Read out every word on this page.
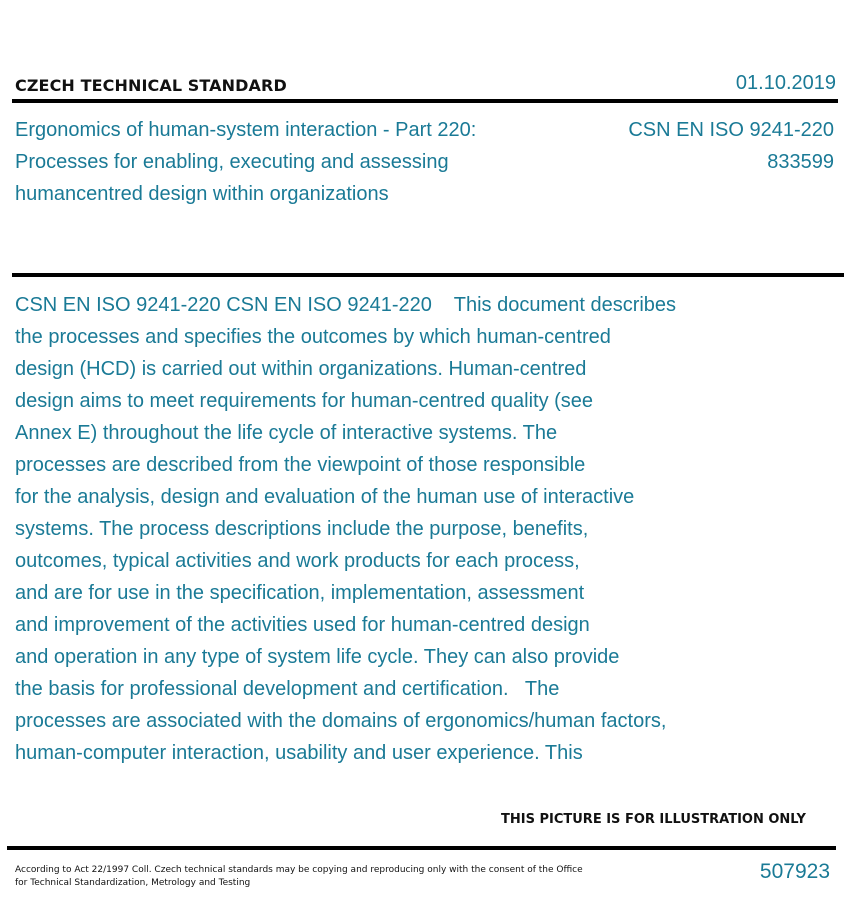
CZECH TECHNICAL STANDARD	01.10.2019
Ergonomics of human-system interaction - Part 220:
Processes for enabling, executing and assessing
humancentred design within organizations
CSN EN ISO 9241-220
833599
CSN EN ISO 9241-220 CSN EN ISO 9241-220    This document describes
the processes and specifies the outcomes by which human-centred
design (HCD) is carried out within organizations. Human-centred
design aims to meet requirements for human-centred quality (see
Annex E) throughout the life cycle of interactive systems. The
processes are described from the viewpoint of those responsible
for the analysis, design and evaluation of the human use of interactive
systems. The process descriptions include the purpose, benefits,
outcomes, typical activities and work products for each process,
and are for use in the specification, implementation, assessment
and improvement of the activities used for human-centred design
and operation in any type of system life cycle. They can also provide
the basis for professional development and certification.   The
processes are associated with the domains of ergonomics/human factors,
human-computer interaction, usability and user experience. This
THIS PICTURE IS FOR ILLUSTRATION ONLY
According to Act 22/1997 Coll. Czech technical standards may be copying and reproducing only with the consent of the Office
for Technical Standardization, Metrology and Testing	507923
